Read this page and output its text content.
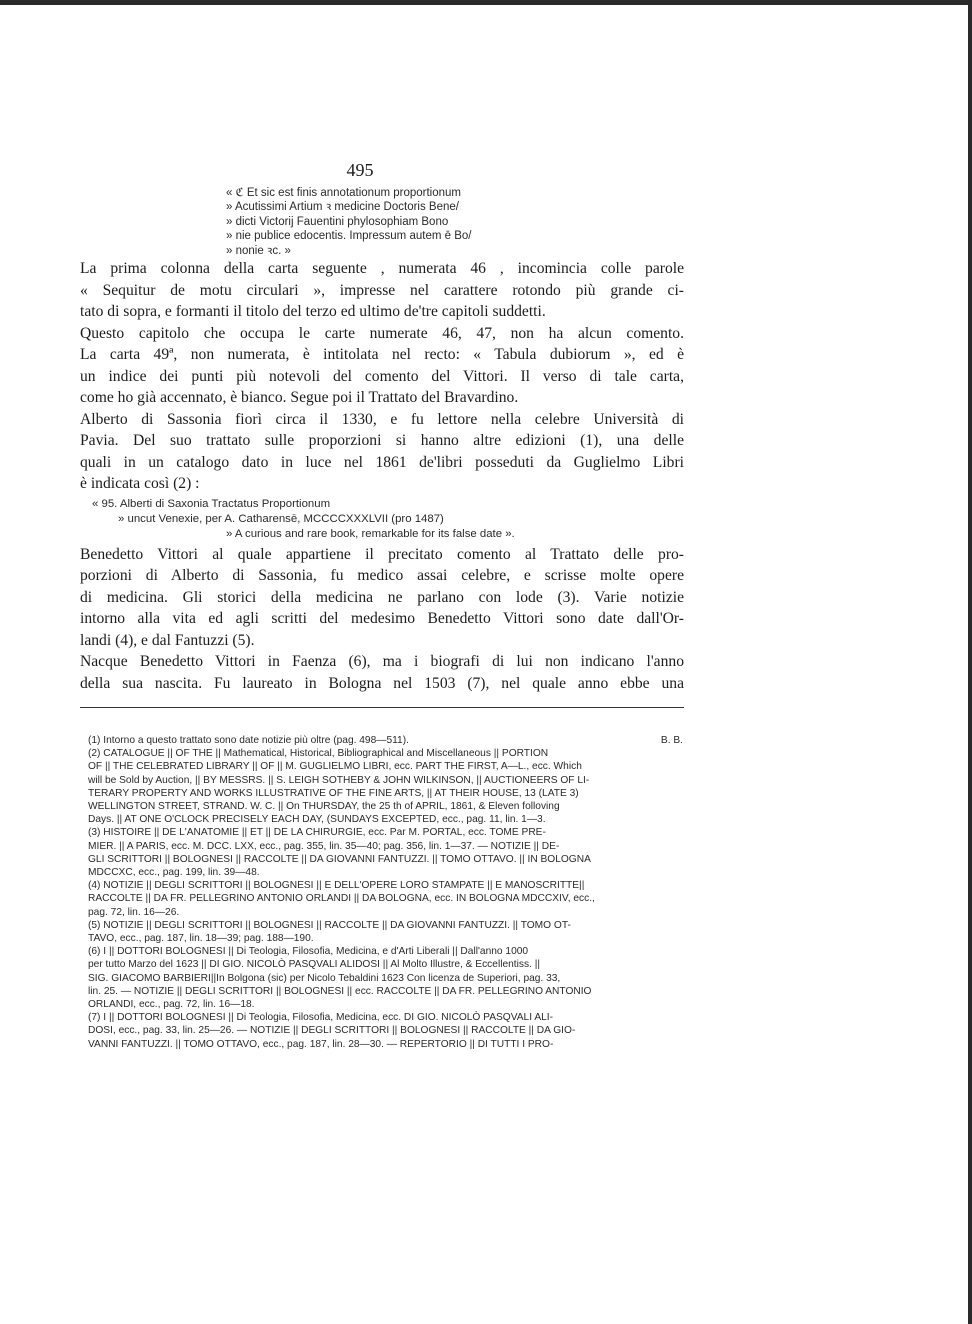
495
« ℭ Et sic est finis annotationum proportionum
» Acutissimi Artium ꝛ medicine Doctoris Bene/
» dicti Victorij Fauentini phylosophiam Bono
» nie publice edocentis. Impressum autem ē Bo/
» nonie ꝛc. »

La prima colonna della carta seguente , numerata 46 , incomincia colle parole
« Sequitur de motu circulari », impresse nel carattere rotondo più grande ci-
tato di sopra, e formanti il titolo del terzo ed ultimo de'tre capitoli suddetti.

Questo capitolo che occupa le carte numerate 46, 47, non ha alcun comento.
La carta 49ª, non numerata, è intitolata nel recto: « Tabula dubiorum », ed è
un indice dei punti più notevoli del comento del Vittori. Il verso di tale carta,
come ho già accennato, è bianco. Segue poi il Trattato del Bravardino.

Alberto di Sassonia fiorì circa il 1330, e fu lettore nella celebre Università di
Pavia. Del suo trattato sulle proporzioni si hanno altre edizioni (1), una delle
quali in un catalogo dato in luce nel 1861 de'libri posseduti da Guglielmo Libri
è indicata così (2) :

« 95. Alberti di Saxonia Tractatus Proportionum
» uncut Venexie, per A. Catharensē, MCCCCXXXLVII (pro 1487)
» A curious and rare book, remarkable for its false date ».

Benedetto Vittori al quale appartiene il precitato comento al Trattato delle pro-
porzioni di Alberto di Sassonia, fu medico assai celebre, e scrisse molte opere
di medicina. Gli storici della medicina ne parlano con lode (3). Varie notizie
intorno alla vita ed agli scritti del medesimo Benedetto Vittori sono date dall'Or-
landi (4), e dal Fantuzzi (5).

Nacque Benedetto Vittori in Faenza (6), ma i biografi di lui non indicano l'anno
della sua nascita. Fu laureato in Bologna nel 1503 (7), nel quale anno ebbe una

(1) Intorno a questo trattato sono date notizie più oltre (pag. 498—511).	B. B.
(2) CATALOGUE || OF THE || Mathematical, Historical, Bibliographical and Miscellaneous || PORTION
OF || THE CELEBRATED LIBRARY || OF || M. GUGLIELMO LIBRI, ecc. PART THE FIRST, A—L., ecc. Which
will be Sold by Auction, || BY MESSRS. || S. LEIGH SOTHEBY & JOHN WILKINSON, || AUCTIONEERS OF LI-
TERARY PROPERTY AND WORKS ILLUSTRATIVE OF THE FINE ARTS, || AT THEIR HOUSE, 13 (LATE 3)
WELLINGTON STREET, STRAND. W. C. || On THURSDAY, the 25 th of APRIL, 1861, & Eleven folloving
Days. || AT ONE O'CLOCK PRECISELY EACH DAY, (SUNDAYS EXCEPTED, ecc., pag. 11, lin. 1—3.
(3) HISTOIRE || DE L'ANATOMIE || ET || DE LA CHIRURGIE, ecc. Par M. PORTAL, ecc. TOME PRE-
MIER. || A PARIS, ecc. M. DCC. LXX, ecc., pag. 355, lin. 35—40; pag. 356, lin. 1—37. — NOTIZIE || DE-
GLI SCRITTORI || BOLOGNESI || RACCOLTE || DA GIOVANNI FANTUZZI. || TOMO OTTAVO. || IN BOLOGNA
MDCCXC, ecc., pag. 199, lin. 39—48.
(4) NOTIZIE || DEGLI SCRITTORI || BOLOGNESI || E DELL'OPERE LORO STAMPATE || E MANOSCRITTE||
RACCOLTE || DA FR. PELLEGRINO ANTONIO ORLANDI || DA BOLOGNA, ecc. IN BOLOGNA MDCCXIV, ecc.,
pag. 72, lin. 16—26.
(5) NOTIZIE || DEGLI SCRITTORI || BOLOGNESI || RACCOLTE || DA GIOVANNI FANTUZZI. || TOMO OT-
TAVO, ecc., pag. 187, lin. 18—39; pag. 188—190.
(6) I || DOTTORI BOLOGNESI || Di Teologia, Filosofia, Medicina, e d'Arti Liberali || Dall'anno 1000
per tutto Marzo del 1623 || DI GIO. NICOLÒ PASQVALI ALIDOSI || Al Molto Illustre, & Eccellentiss. ||
SIG. GIACOMO BARBIERI||In Bolgona (sic) per Nicolo Tebaldini 1623 Con licenza de Superiori, pag. 33,
lin. 25. — NOTIZIE || DEGLI SCRITTORI || BOLOGNESI || ecc. RACCOLTE || DA FR. PELLEGRINO ANTONIO
ORLANDI, ecc., pag. 72, lin. 16—18.
(7) I || DOTTORI BOLOGNESI || Di Teologia, Filosofia, Medicina, ecc. DI GIO. NICOLÒ PASQVALI ALI-
DOSI, ecc., pag. 33, lin. 25—26. — NOTIZIE || DEGLI SCRITTORI || BOLOGNESI || RACCOLTE || DA GIO-
VANNI FANTUZZI. || TOMO OTTAVO, ecc., pag. 187, lin. 28—30. — REPERTORIO || DI TUTTI I PRO-
